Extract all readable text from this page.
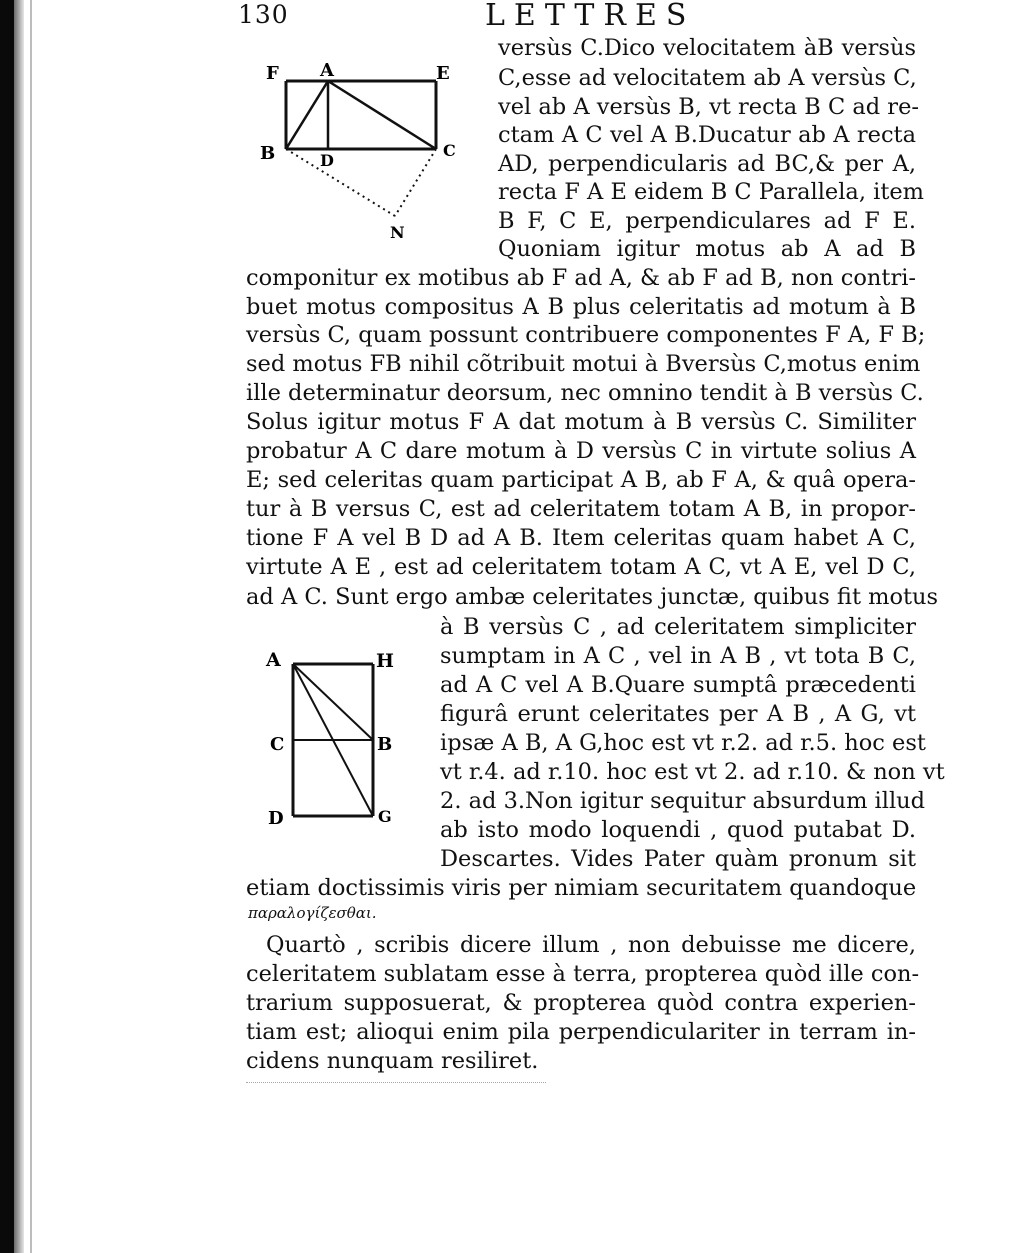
130	LETTRES
F A	E
B	D
C
N
A	H
C	B
D	G
versùs C.Dico velocitatem àB versùs
C,esse ad velocitatem ab A versùs C,
vel ab A versùs B, vt recta B C ad re-
ctam A C vel A B.Ducatur ab A recta
AD, perpendicularis ad BC,& per A,
recta F A E eidem B C Parallela, item
B F, C E, perpendiculares ad F E.
Quoniam igitur motus ab A ad B
componitur ex motibus ab F ad A, & ab F ad B, non contri-
buet motus compositus A B plus celeritatis ad motum à B
versùs C, quam possunt contribuere componentes F A, F B;
sed motus FB nihil cõtribuit motui à Bversùs C,motus enim
ille determinatur deorsum, nec omnino tendit à B versùs C.
Solus igitur motus F A dat motum à B versùs C. Similiter
probatur A C dare motum à D versùs C in virtute solius A
E; sed celeritas quam participat A B, ab F A, & quâ opera-
tur à B versus C, est ad celeritatem totam A B, in propor-
tione F A vel B D ad A B. Item celeritas quam habet A C,
virtute A E , est ad celeritatem totam A C, vt A E, vel D C,
ad A C. Sunt ergo ambæ celeritates junctæ, quibus fit motus
à B versùs C , ad celeritatem simpliciter
sumptam in A C , vel in A B , vt tota B C,
ad A C vel A B.Quare sumptâ præcedenti
figurâ erunt celeritates per A B , A G, vt
ipsæ A B, A G,hoc est vt r.2. ad r.5. hoc est
vt r.4. ad r.10. hoc est vt 2. ad r.10. & non vt
2. ad 3.Non igitur sequitur absurdum illud
ab isto modo loquendi , quod putabat D.
Descartes. Vides Pater quàm pronum sit
etiam doctissimis viris per nimiam securitatem quandoque
παραλογίζεσθαι.
Quartò , scribis dicere illum , non debuisse me dicere,
celeritatem sublatam esse à terra, propterea quòd ille con-
trarium supposuerat, & propterea quòd contra experien-
tiam est; alioqui enim pila perpendiculariter in terram in-
cidens nunquam resiliret.
